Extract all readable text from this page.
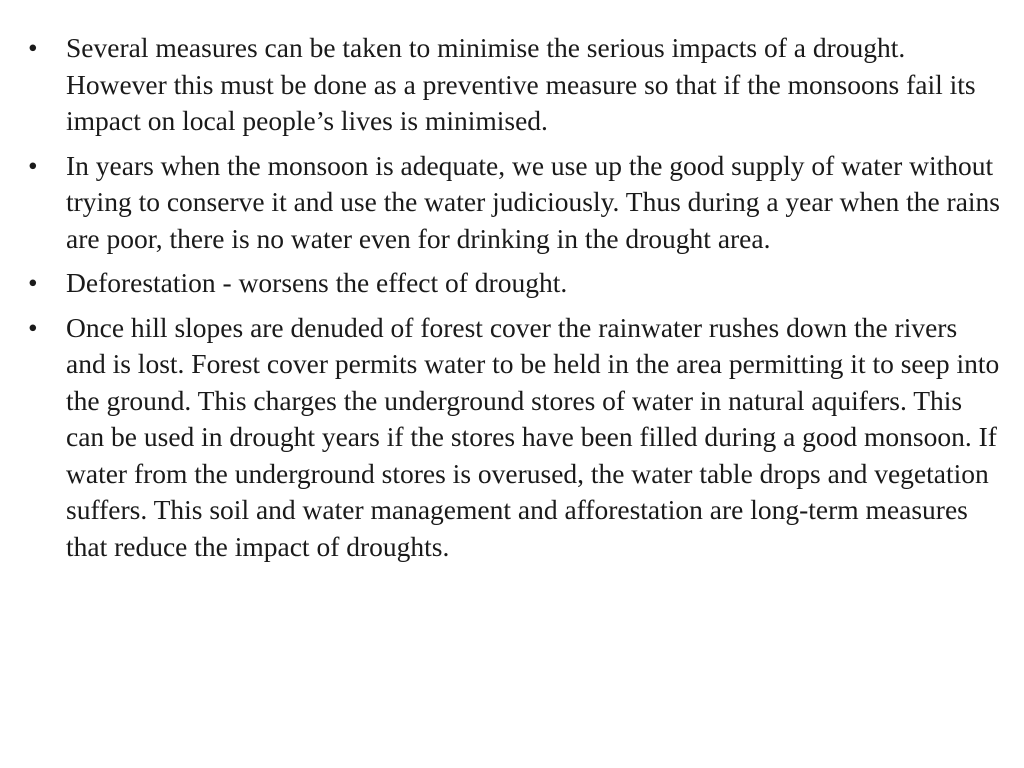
• Several measures can be taken to minimise the serious impacts of a drought. However this must be done as a preventive measure so that if the monsoons fail its impact on local people’s lives is minimised.
• In years when the monsoon is adequate, we use up the good supply of water without trying to conserve it and use the water judiciously. Thus during a year when the rains are poor, there is no water even for drinking in the drought area.
• Deforestation - worsens the effect of drought.
• Once hill slopes are denuded of forest cover the rainwater rushes down the rivers and is lost. Forest cover permits water to be held in the area permitting it to seep into the ground. This charges the underground stores of water in natural aquifers. This can be used in drought years if the stores have been filled during a good monsoon. If water from the underground stores is overused, the water table drops and vegetation suffers. This soil and water management and afforestation are long-term measures that reduce the impact of droughts.
